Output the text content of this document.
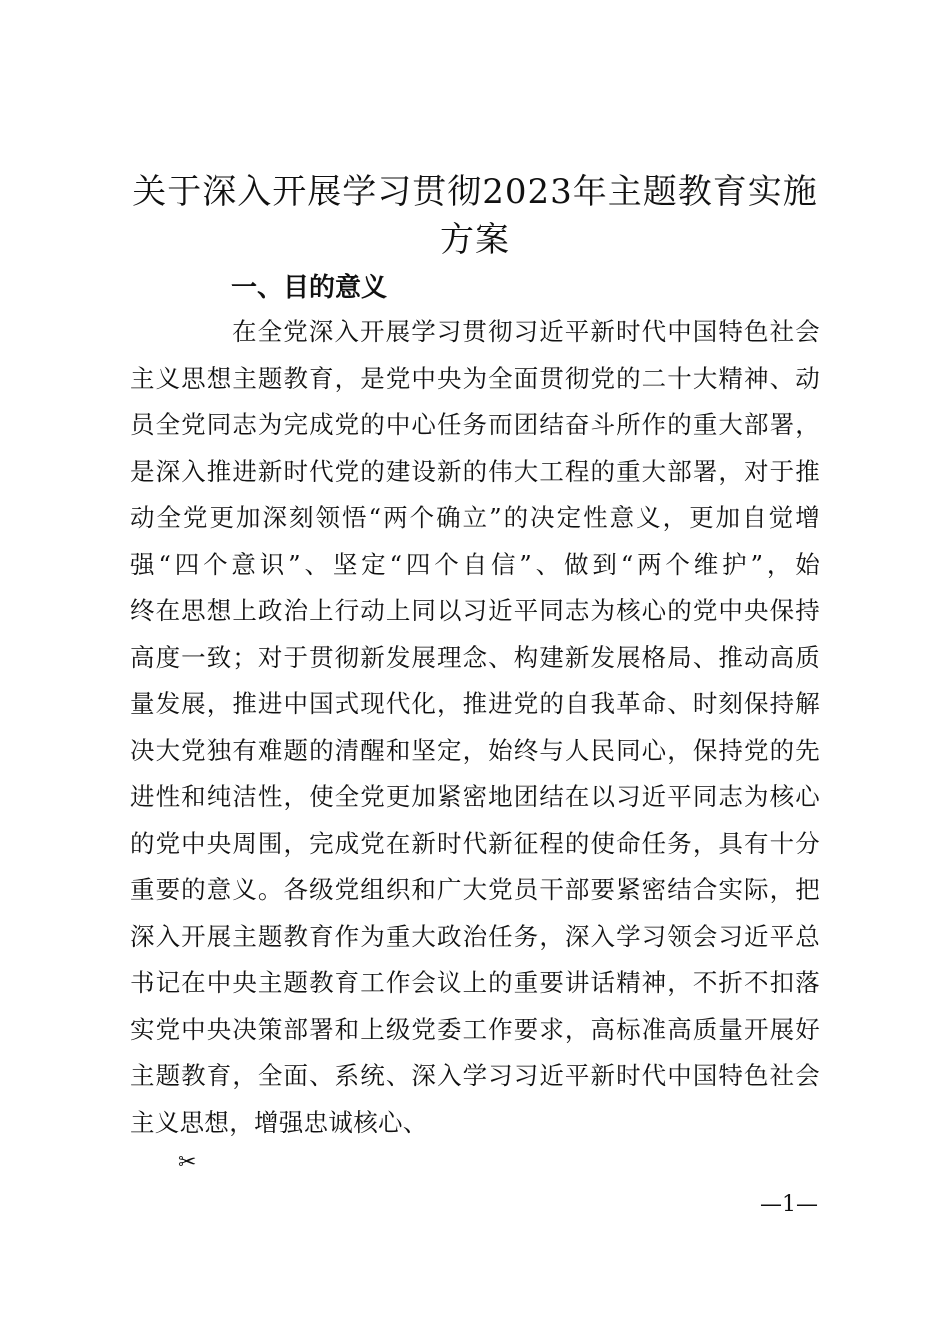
关于深入开展学习贯彻2023年主题教育实施
方案
一、目的意义
在全党深入开展学习贯彻习近平新时代中国特色社会
主义思想主题教育，是党中央为全面贯彻党的二十大精神、动
员全党同志为完成党的中心任务而团结奋斗所作的重大部署，
是深入推进新时代党的建设新的伟大工程的重大部署，对于推
动全党更加深刻领悟“两个确立”的决定性意义，更加自觉增
强“四个意识”、坚定“四个自信”、做到“两个维护”，始
终在思想上政治上行动上同以习近平同志为核心的党中央保持
高度一致；对于贯彻新发展理念、构建新发展格局、推动高质
量发展，推进中国式现代化，推进党的自我革命、时刻保持解
决大党独有难题的清醒和坚定，始终与人民同心，保持党的先
进性和纯洁性，使全党更加紧密地团结在以习近平同志为核心
的党中央周围，完成党在新时代新征程的使命任务，具有十分
重要的意义。各级党组织和广大党员干部要紧密结合实际，把
深入开展主题教育作为重大政治任务，深入学习领会习近平总
书记在中央主题教育工作会议上的重要讲话精神，不折不扣落
实党中央决策部署和上级党委工作要求，高标准高质量开展好
主题教育，全面、系统、深入学习习近平新时代中国特色社会
主义思想，增强忠诚核心、
✂
—1—
